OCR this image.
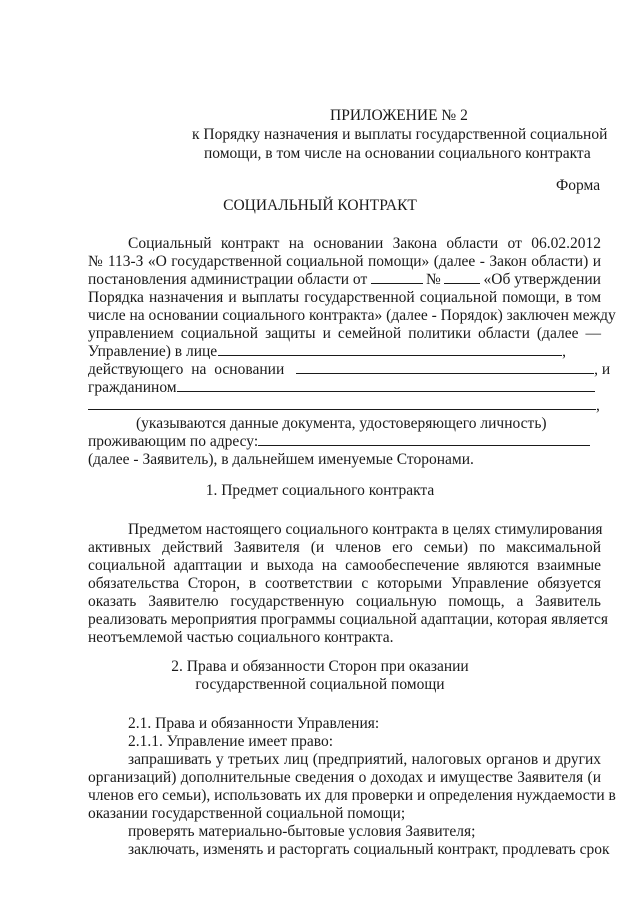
ПРИЛОЖЕНИЕ № 2
к Порядку назначения и выплаты государственной социальной
помощи, в том числе на основании социального контракта
Форма
СОЦИАЛЬНЫЙ КОНТРАКТ
Социальный контракт на основании Закона области от 06.02.2012
№ 113-З «О государственной социальной помощи» (далее - Закон области) и
постановления администрации области от	№	«Об утверждении
Порядка назначения и выплаты государственной социальной помощи, в том
числе на основании социального контракта» (далее - Порядок) заключен между
управлением социальной защиты и семейной политики области (далее —
Управление) в лице	,
действующего на основании	, и
гражданином
,
(указываются данные документа, удостоверяющего личность)
проживающим по адресу:
(далее - Заявитель), в дальнейшем именуемые Сторонами.
1. Предмет социального контракта
Предметом настоящего социального контракта в целях стимулирования
активных действий Заявителя (и членов его семьи) по максимальной
социальной адаптации и выхода на самообеспечение являются взаимные
обязательства Сторон, в соответствии с которыми Управление обязуется
оказать Заявителю государственную социальную помощь, а Заявитель
реализовать мероприятия программы социальной адаптации, которая является
неотъемлемой частью социального контракта.
2. Права и обязанности Сторон при оказании
государственной социальной помощи
2.1. Права и обязанности Управления:
2.1.1. Управление имеет право:
запрашивать у третьих лиц (предприятий, налоговых органов и других
организаций) дополнительные сведения о доходах и имуществе Заявителя (и
членов его семьи), использовать их для проверки и определения нуждаемости в
оказании государственной социальной помощи;
проверять материально-бытовые условия Заявителя;
заключать, изменять и расторгать социальный контракт, продлевать срок
